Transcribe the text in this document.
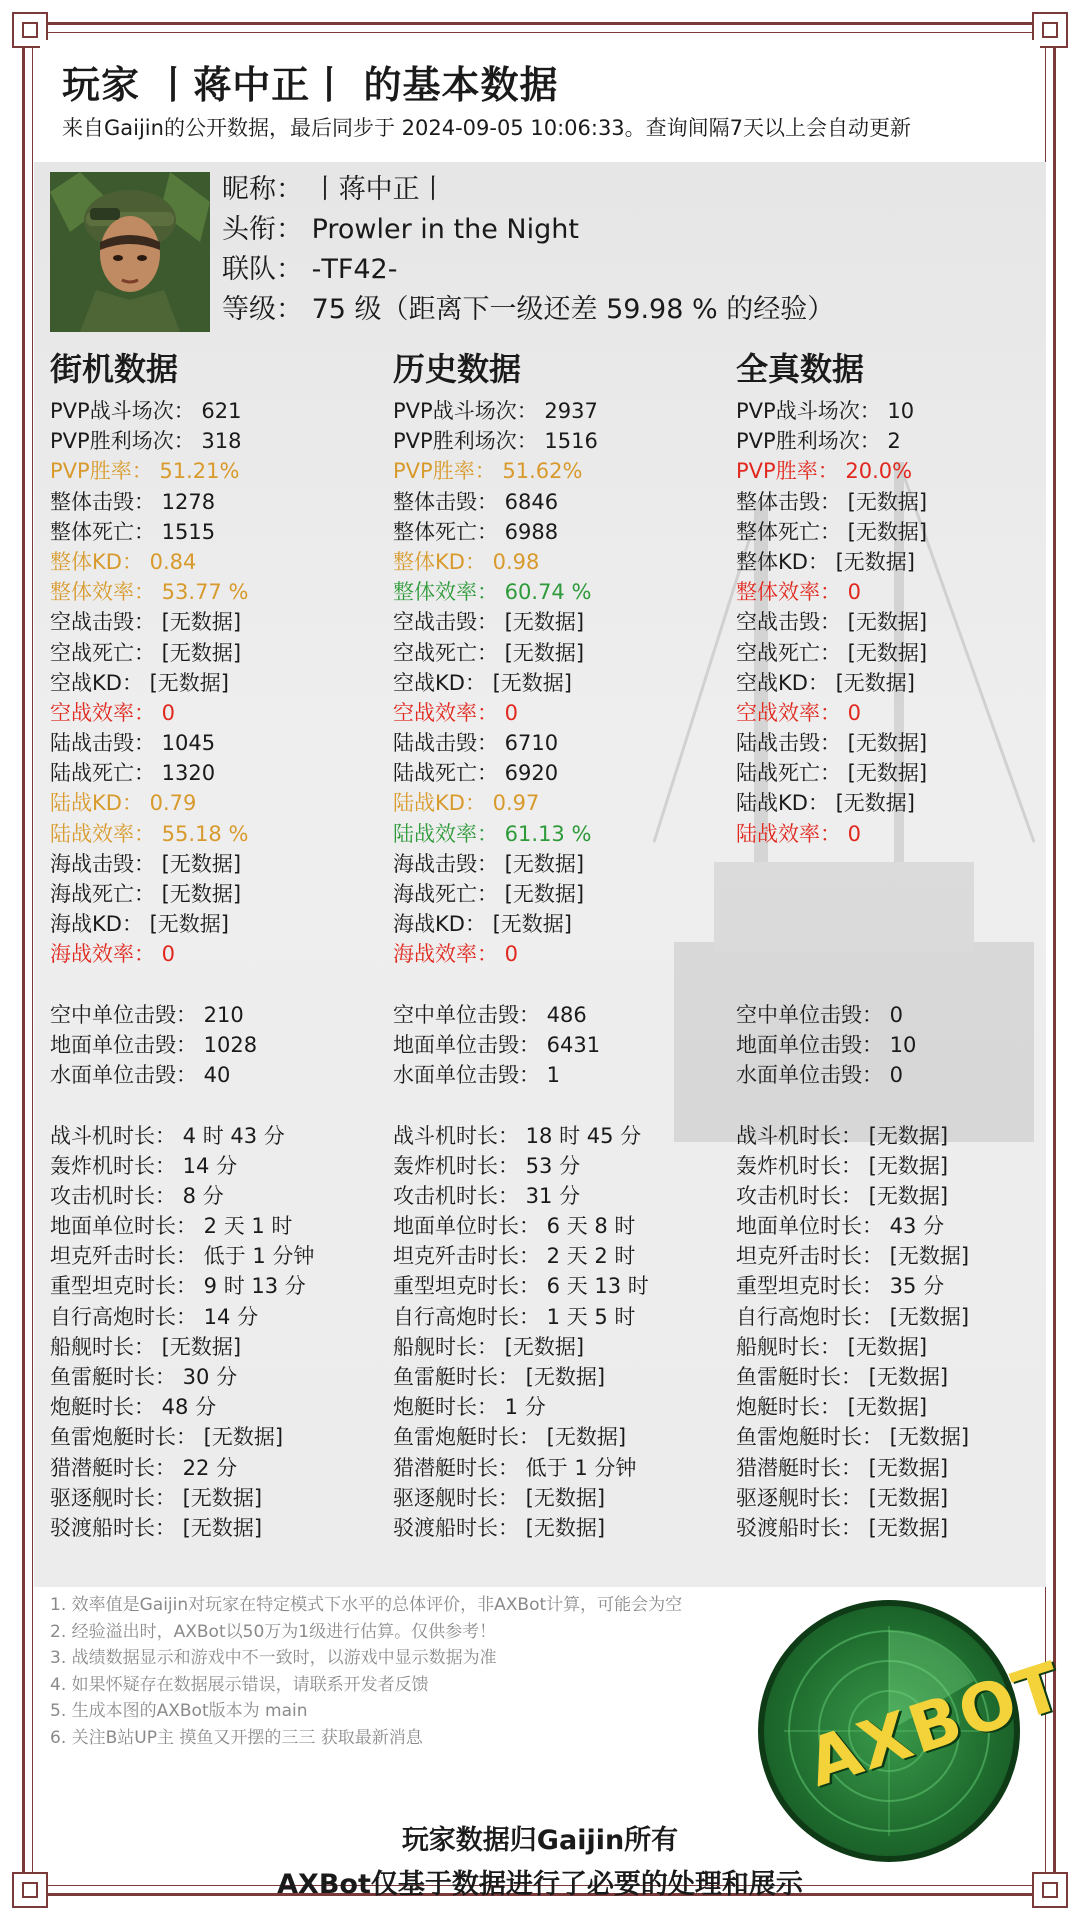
玩家 丨蒋中正丨 的基本数据
来自Gaijin的公开数据，最后同步于 2024-09-05 10:06:33。查询间隔7天以上会自动更新
昵称： 丨蒋中正丨
头衔： Prowler in the Night
联队： -TF42-
等级： 75 级（距离下一级还差 59.98 % 的经验）
街机数据
PVP战斗场次： 621
PVP胜利场次： 318
PVP胜率： 51.21%
整体击毁： 1278
整体死亡： 1515
整体KD： 0.84
整体效率： 53.77 %
空战击毁： [无数据]
空战死亡： [无数据]
空战KD： [无数据]
空战效率： 0
陆战击毁： 1045
陆战死亡： 1320
陆战KD： 0.79
陆战效率： 55.18 %
海战击毁： [无数据]
海战死亡： [无数据]
海战KD： [无数据]
海战效率： 0
空中单位击毁： 210
地面单位击毁： 1028
水面单位击毁： 40
战斗机时长： 4 时 43 分
轰炸机时长： 14 分
攻击机时长： 8 分
地面单位时长： 2 天 1 时
坦克歼击时长： 低于 1 分钟
重型坦克时长： 9 时 13 分
自行高炮时长： 14 分
船舰时长： [无数据]
鱼雷艇时长： 30 分
炮艇时长： 48 分
鱼雷炮艇时长： [无数据]
猎潜艇时长： 22 分
驱逐舰时长： [无数据]
驳渡船时长： [无数据]
历史数据
PVP战斗场次： 2937
PVP胜利场次： 1516
PVP胜率： 51.62%
整体击毁： 6846
整体死亡： 6988
整体KD： 0.98
整体效率： 60.74 %
空战击毁： [无数据]
空战死亡： [无数据]
空战KD： [无数据]
空战效率： 0
陆战击毁： 6710
陆战死亡： 6920
陆战KD： 0.97
陆战效率： 61.13 %
海战击毁： [无数据]
海战死亡： [无数据]
海战KD： [无数据]
海战效率： 0
空中单位击毁： 486
地面单位击毁： 6431
水面单位击毁： 1
战斗机时长： 18 时 45 分
轰炸机时长： 53 分
攻击机时长： 31 分
地面单位时长： 6 天 8 时
坦克歼击时长： 2 天 2 时
重型坦克时长： 6 天 13 时
自行高炮时长： 1 天 5 时
船舰时长： [无数据]
鱼雷艇时长： [无数据]
炮艇时长： 1 分
鱼雷炮艇时长： [无数据]
猎潜艇时长： 低于 1 分钟
驱逐舰时长： [无数据]
驳渡船时长： [无数据]
全真数据
PVP战斗场次： 10
PVP胜利场次： 2
PVP胜率： 20.0%
整体击毁： [无数据]
整体死亡： [无数据]
整体KD： [无数据]
整体效率： 0
空战击毁： [无数据]
空战死亡： [无数据]
空战KD： [无数据]
空战效率： 0
陆战击毁： [无数据]
陆战死亡： [无数据]
陆战KD： [无数据]
陆战效率： 0
空中单位击毁： 0
地面单位击毁： 10
水面单位击毁： 0
战斗机时长： [无数据]
轰炸机时长： [无数据]
攻击机时长： [无数据]
地面单位时长： 43 分
坦克歼击时长： [无数据]
重型坦克时长： 35 分
自行高炮时长： [无数据]
船舰时长： [无数据]
鱼雷艇时长： [无数据]
炮艇时长： [无数据]
鱼雷炮艇时长： [无数据]
猎潜艇时长： [无数据]
驱逐舰时长： [无数据]
驳渡船时长： [无数据]
1. 效率值是Gaijin对玩家在特定模式下水平的总体评价，非AXBot计算，可能会为空
2. 经验溢出时，AXBot以50万为1级进行估算。仅供参考！
3. 战绩数据显示和游戏中不一致时，以游戏中显示数据为准
4. 如果怀疑存在数据展示错误，请联系开发者反馈
5. 生成本图的AXBot版本为 main
6. 关注B站UP主 摸鱼又开摆的三三 获取最新消息	AXBOT
玩家数据归Gaijin所有
AXBot仅基于数据进行了必要的处理和展示
